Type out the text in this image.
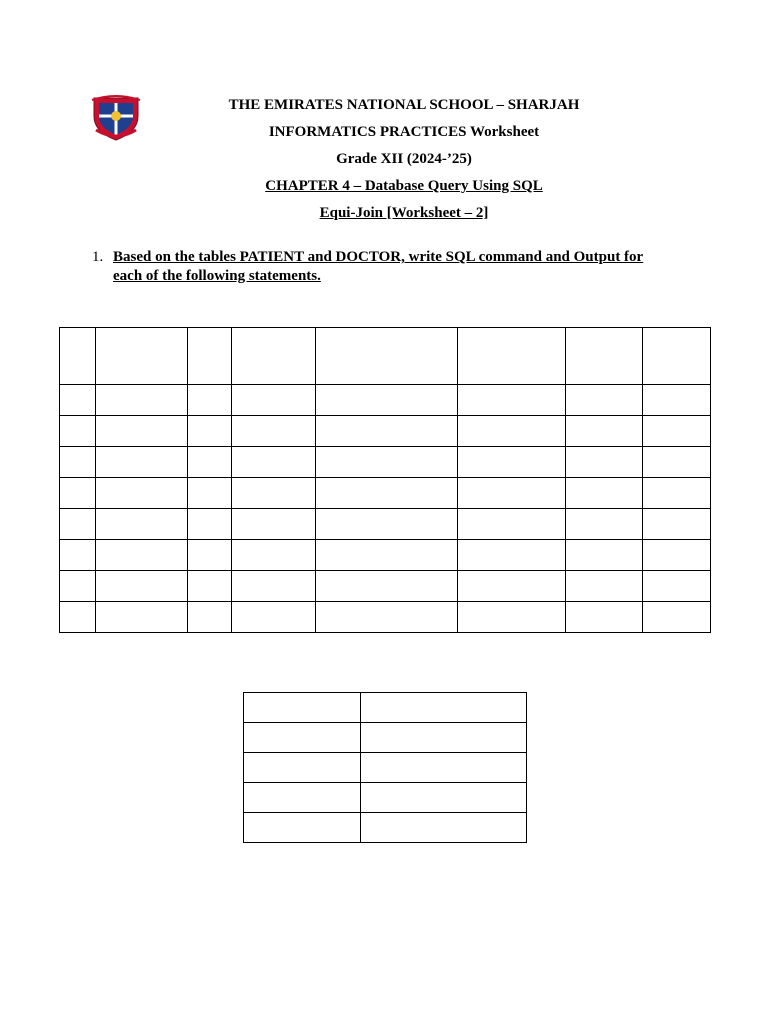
THE EMIRATES NATIONAL SCHOOL – SHARJAH
INFORMATICS PRACTICES Worksheet
Grade XII (2024-’25)
CHAPTER 4 – Database Query Using SQL
Equi-Join [Worksheet – 2]
1. Based on the tables PATIENT and DOCTOR, write SQL command and Output for each of the following statements.
